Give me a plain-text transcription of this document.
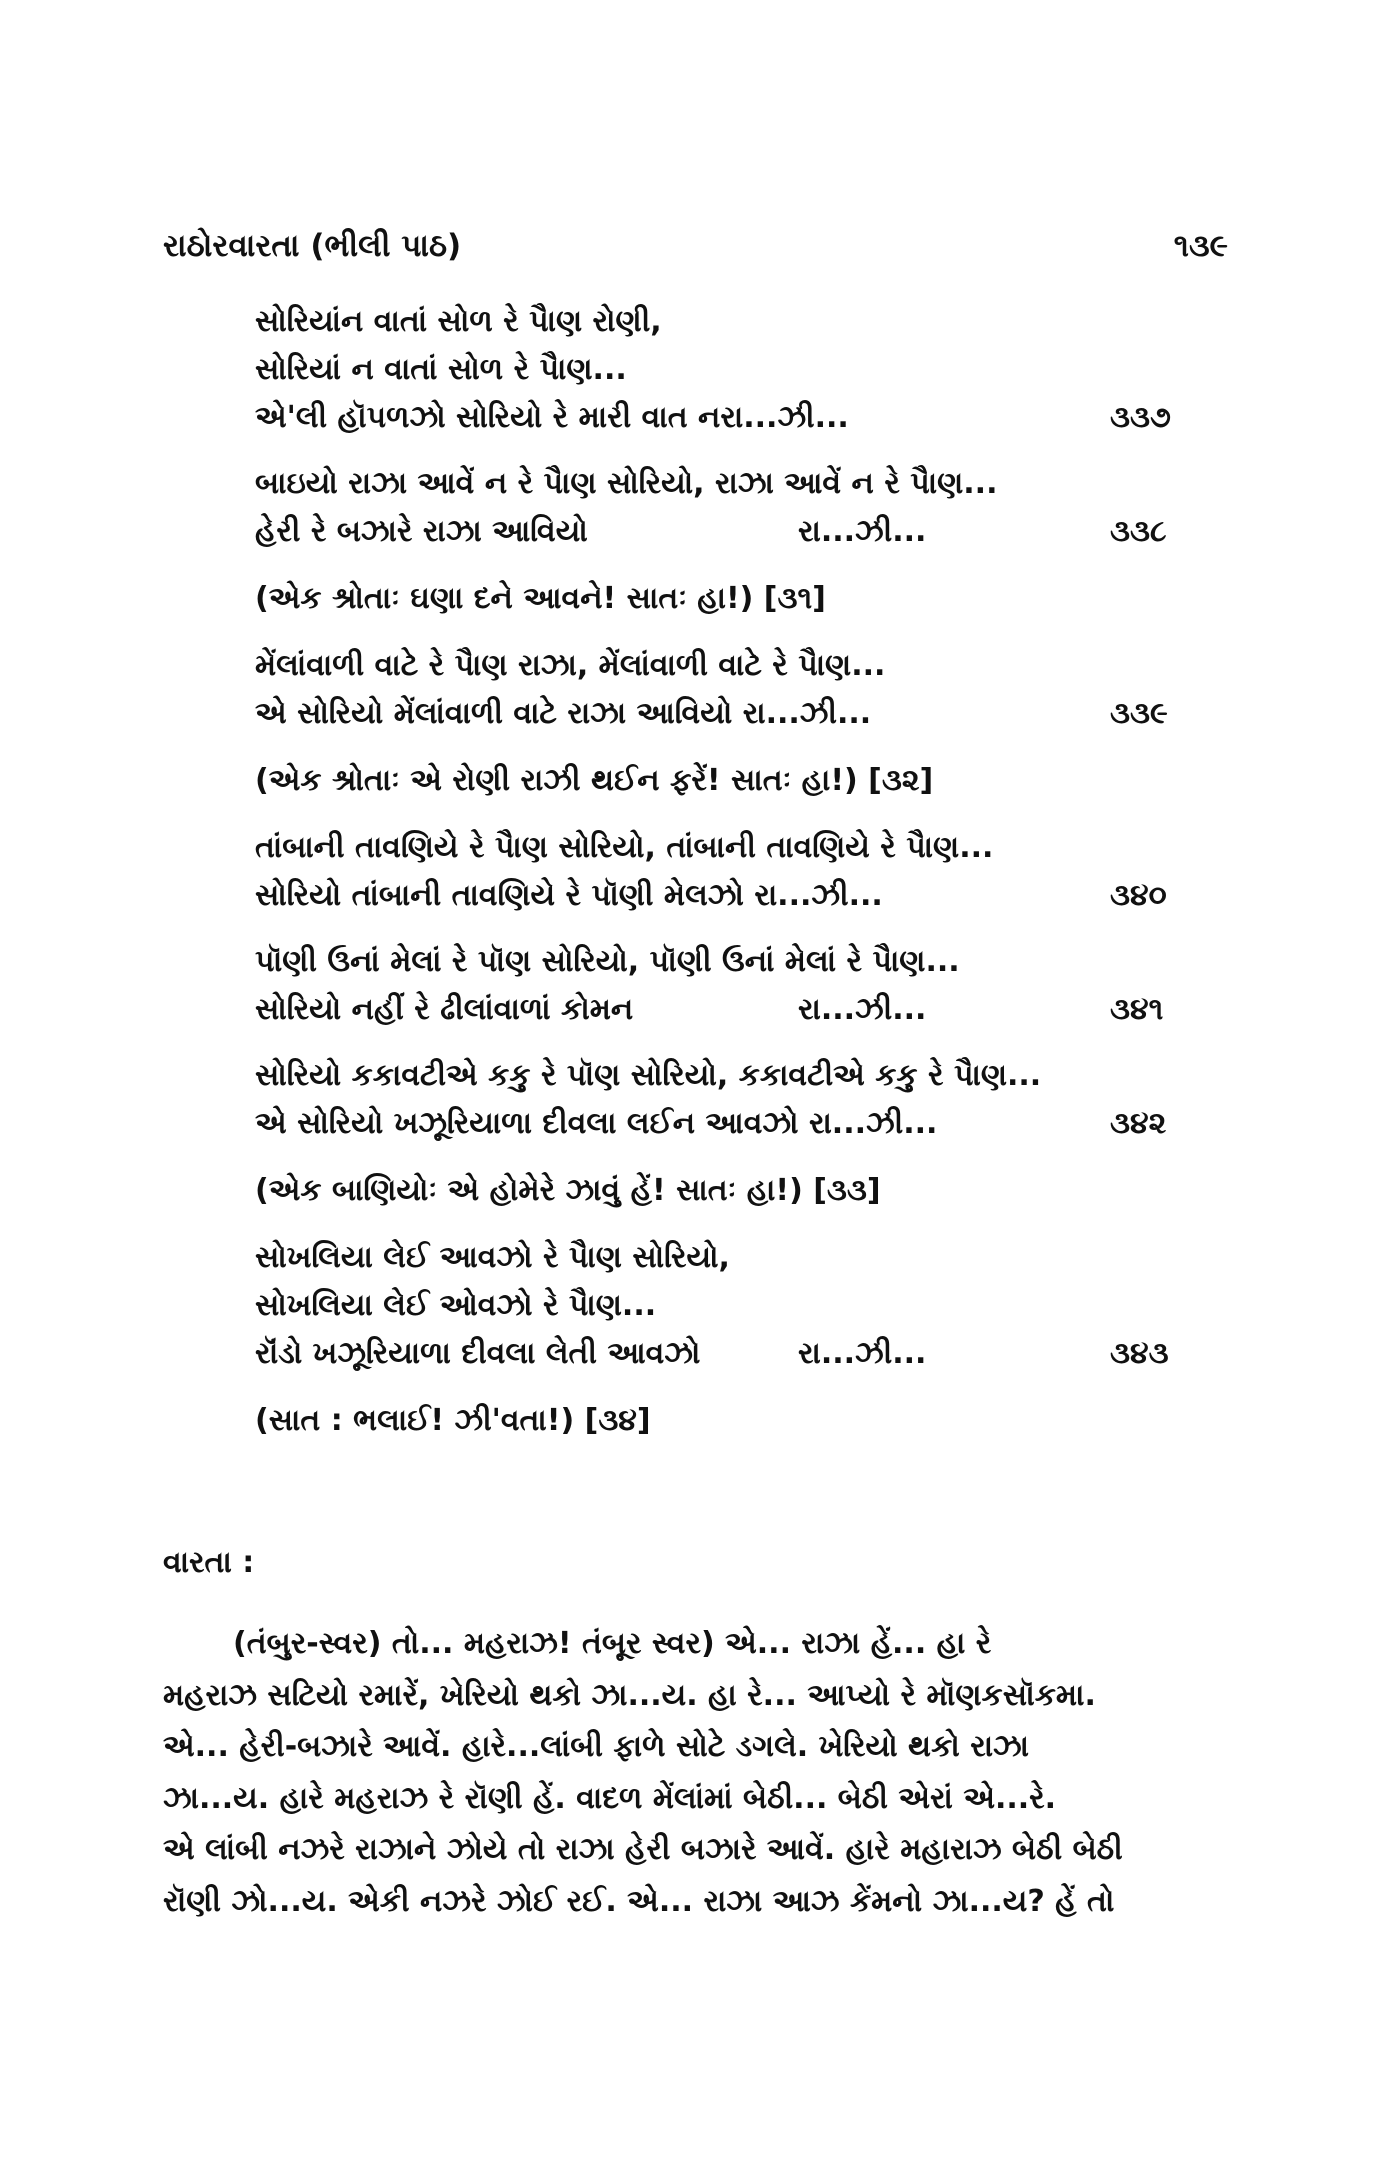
રાઠોરવારતા (ભીલી પાઠ)	૧૩૯
સોરિયાંન વાતાં સોળ રે પૈાણ રોણી,
સોરિયાં ન વાતાં સોળ રે પૈાણ...
એ'લી હૉપળઝો સોરિયો રે મારી વાત નરા...ઝી...	૩૩૭
બાઇયો રાઝા આવેં ન રે પૈાણ સોરિયો, રાઝા આવેં ન રે પૈાણ...
હેરી રે બઝારે રાઝા આવિયો	રા...ઝી...	૩૩૮
(એક શ્રોતાઃ ઘણા દને આવને! સાતઃ હા!) [૩૧]
મેંલાંવાળી વાટે રે પૈાણ રાઝા, મેંલાંવાળી વાટે રે પૈાણ...
એ સોરિયો મેંલાંવાળી વાટે રાઝા આવિયો રા...ઝી...	૩૩૯
(એક શ્રોતાઃ એ રોણી રાઝી થઈન ફરેં! સાતઃ હા!) [૩૨]
તાંબાની તાવણિયે રે પૈાણ સોરિયો, તાંબાની તાવણિયે રે પૈાણ...
સોરિયો તાંબાની તાવણિયે રે પૉણી મેલઝો રા...ઝી...	૩૪૦
પૉણી ઉનાં મેલાં રે પૉણ સોરિયો, પૉણી ઉનાં મેલાં રે પૈાણ...
સોરિયો નહીં રે ઢીલાંવાળાં કોમન	રા...ઝી...	૩૪૧
સોરિયો કકાવટીએ કકુ રે પૉણ સોરિયો, કકાવટીએ કકુ રે પૈાણ...
એ સોરિયો ખઝૂરિયાળા દીવલા લઈન આવઝો રા...ઝી...	૩૪૨
(એક બાણિયોઃ એ હોમેરે ઝાવું હેં! સાતઃ હા!) [૩૩]
સોખલિયા લેઈ આવઝો રે પૈાણ સોરિયો,
સોખલિયા લેઈ ઓવઝો રે પૈાણ...
રૉંડો ખઝૂરિયાળા દીવલા લેતી આવઝો	રા...ઝી...	૩૪૩
(સાત : ભલાઈ! ઝી'વતા!) [૩૪]
વારતા :
(તંબુર-સ્વર) તો... મહરાઝ! તંબૂર સ્વર) એ... રાઝા હેં... હા રે
મહરાઝ સટિયો રમારેં, ખેરિયો થકો ઝા...ય. હા રે... આપ્યો રે મૉણકસૉકમા.
એ... હેરી-બઝારે આવેં. હારે...લાંબી ફાળે સોટે ડગલે. ખેરિયો થકો રાઝા
ઝા...ય. હારે મહરાઝ રે રૉણી હેં. વાદળ મેંલાંમાં બેઠી... બેઠી એરાં એ...રે.
એ લાંબી નઝરે રાઝાને ઝોયે તો રાઝા હેરી બઝારે આવેં. હારે મહારાઝ બેઠી બેઠી
રૉણી ઝો...ય. એકી નઝરે ઝોઈ રઈ. એ... રાઝા આઝ કેંમનો ઝા...ય? હેં તો
